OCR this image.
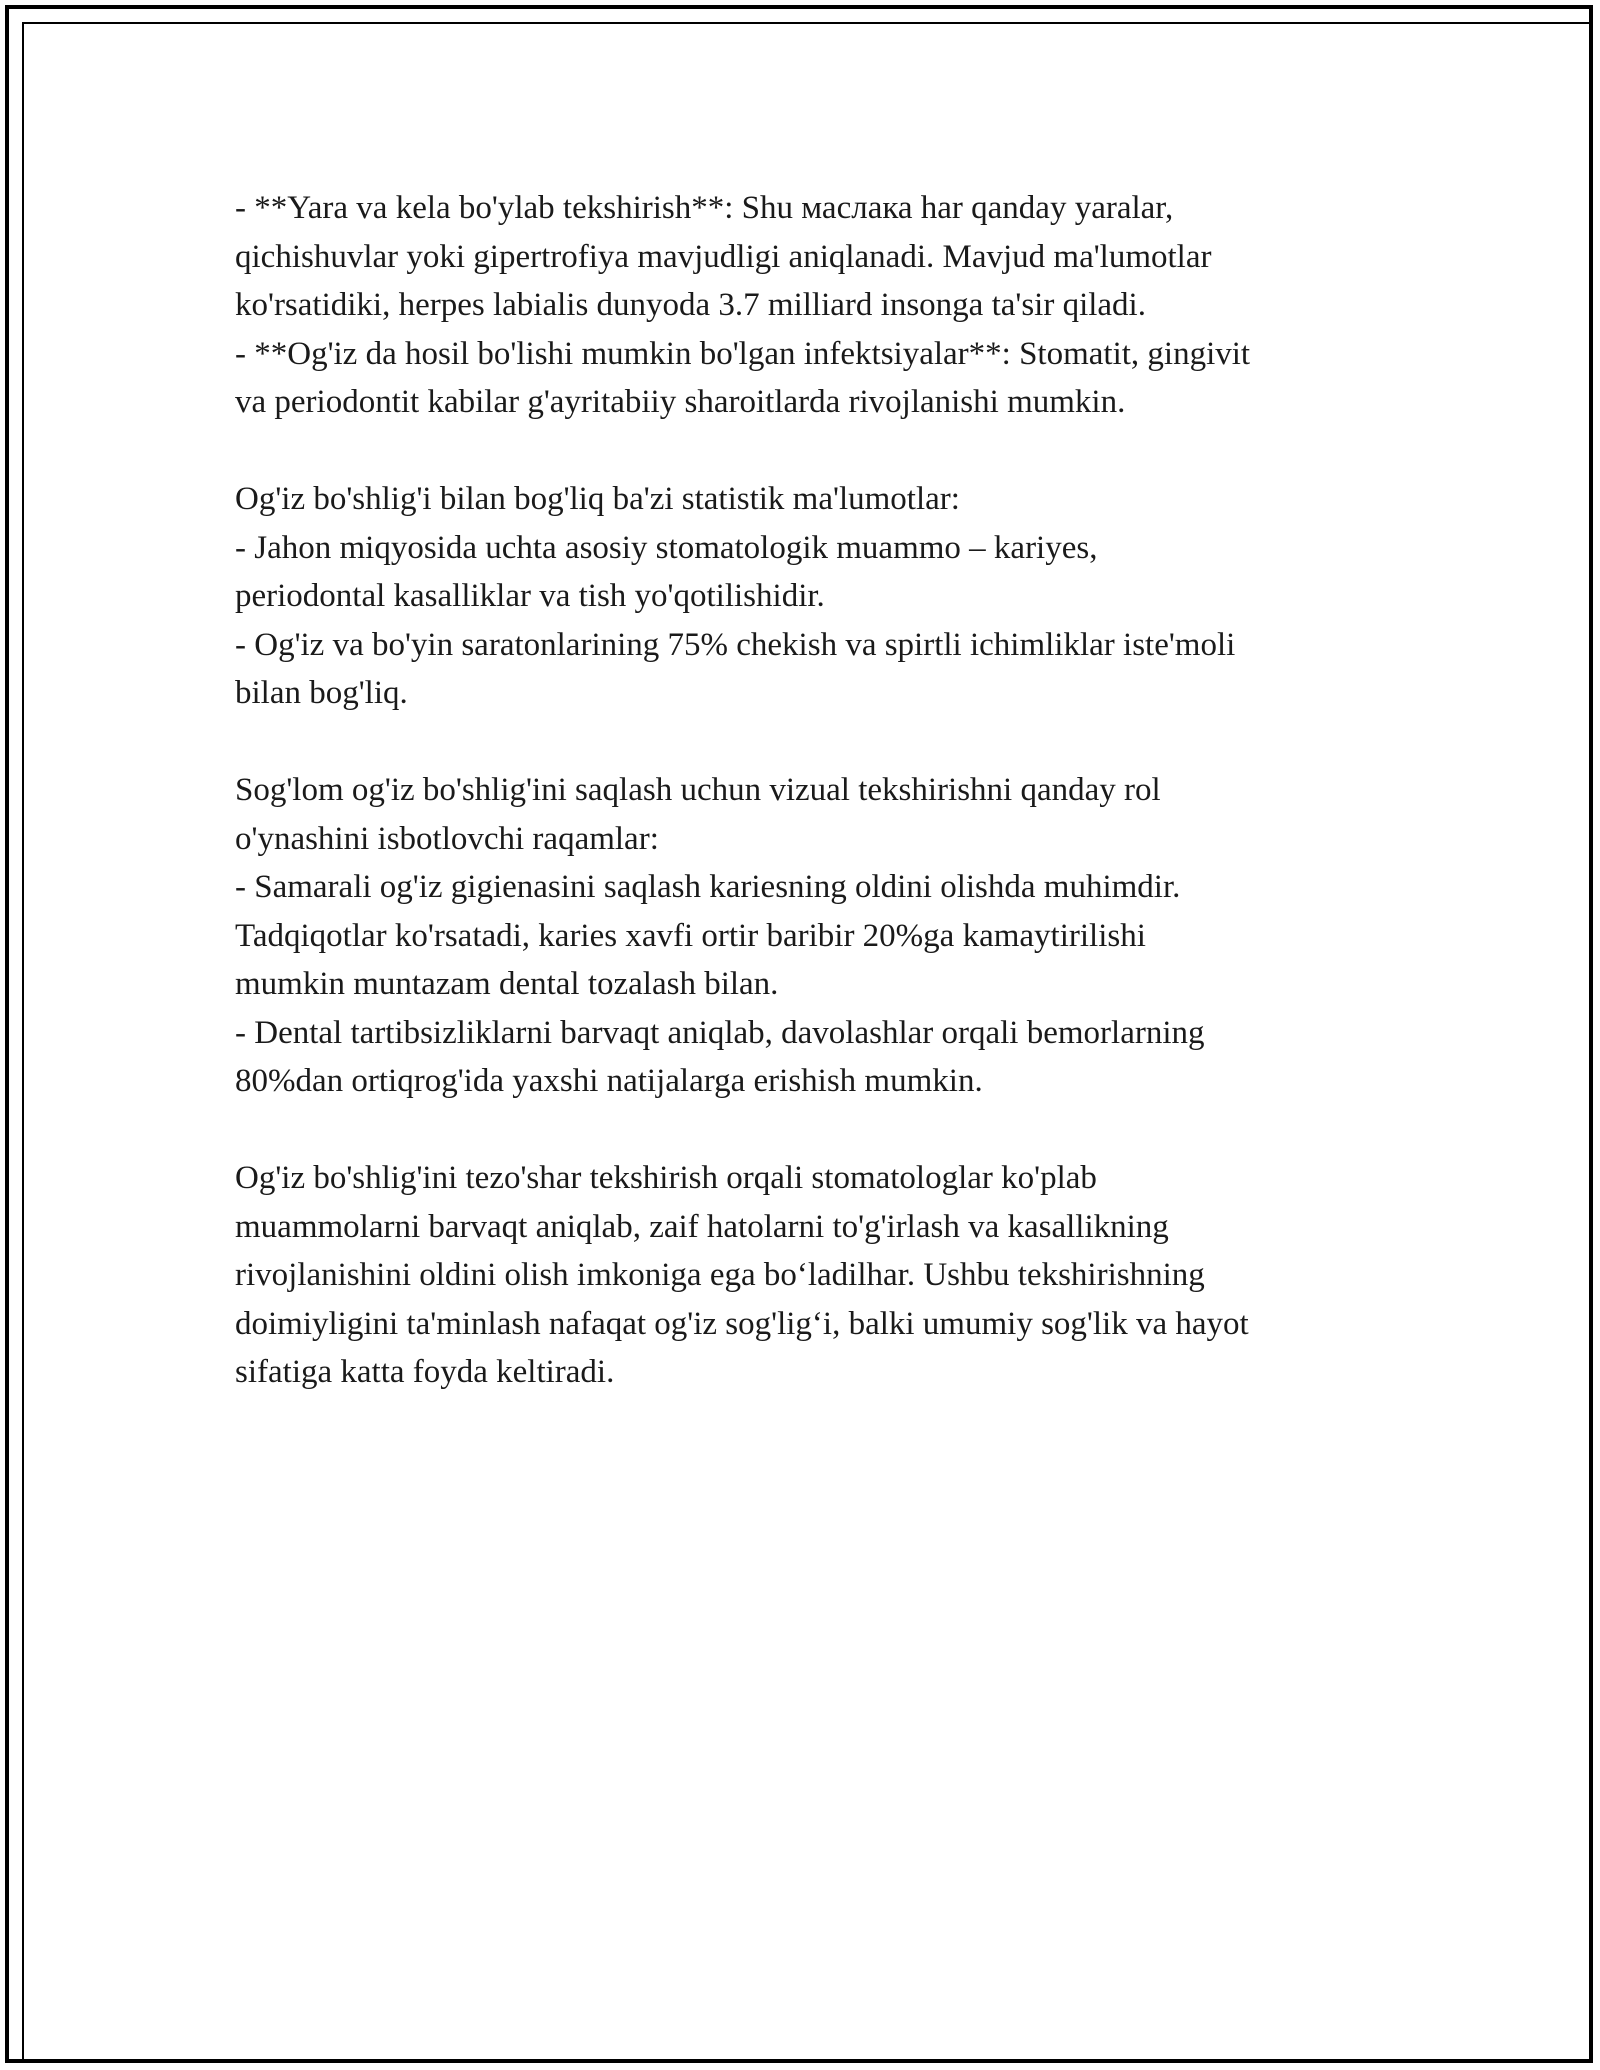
- **Yara va kela bo'ylab tekshirish**: Shu маслака har qanday yaralar,
qichishuvlar yoki gipertrofiya mavjudligi aniqlanadi. Mavjud ma'lumotlar
ko'rsatidiki, herpes labialis dunyoda 3.7 milliard insonga ta'sir qiladi.
- **Og'iz da hosil bo'lishi mumkin bo'lgan infektsiyalar**: Stomatit, gingivit
va periodontit kabilar g'ayritabiiy sharoitlarda rivojlanishi mumkin.
Og'iz bo'shlig'i bilan bog'liq ba'zi statistik ma'lumotlar:
- Jahon miqyosida uchta asosiy stomatologik muammo – kariyes,
periodontal kasalliklar va tish yo'qotilishidir.
- Og'iz va bo'yin saratonlarining 75% chekish va spirtli ichimliklar iste'moli
bilan bog'liq.
Sog'lom og'iz bo'shlig'ini saqlash uchun vizual tekshirishni qanday rol
o'ynashini isbotlovchi raqamlar:
- Samarali og'iz gigienasini saqlash kariesning oldini olishda muhimdir.
Tadqiqotlar ko'rsatadi, karies xavfi ortir baribir 20%ga kamaytirilishi
mumkin muntazam dental tozalash bilan.
- Dental tartibsizliklarni barvaqt aniqlab, davolashlar orqali bemorlarning
80%dan ortiqrog'ida yaxshi natijalarga erishish mumkin.
Og'iz bo'shlig'ini tezo'shar tekshirish orqali stomatologlar ko'plab
muammolarni barvaqt aniqlab, zaif hatolarni to'g'irlash va kasallikning
rivojlanishini oldini olish imkoniga ega bo‘ladilhar. Ushbu tekshirishning
doimiyligini ta'minlash nafaqat og'iz sog'lig‘i, balki umumiy sog'lik va hayot
sifatiga katta foyda keltiradi.
